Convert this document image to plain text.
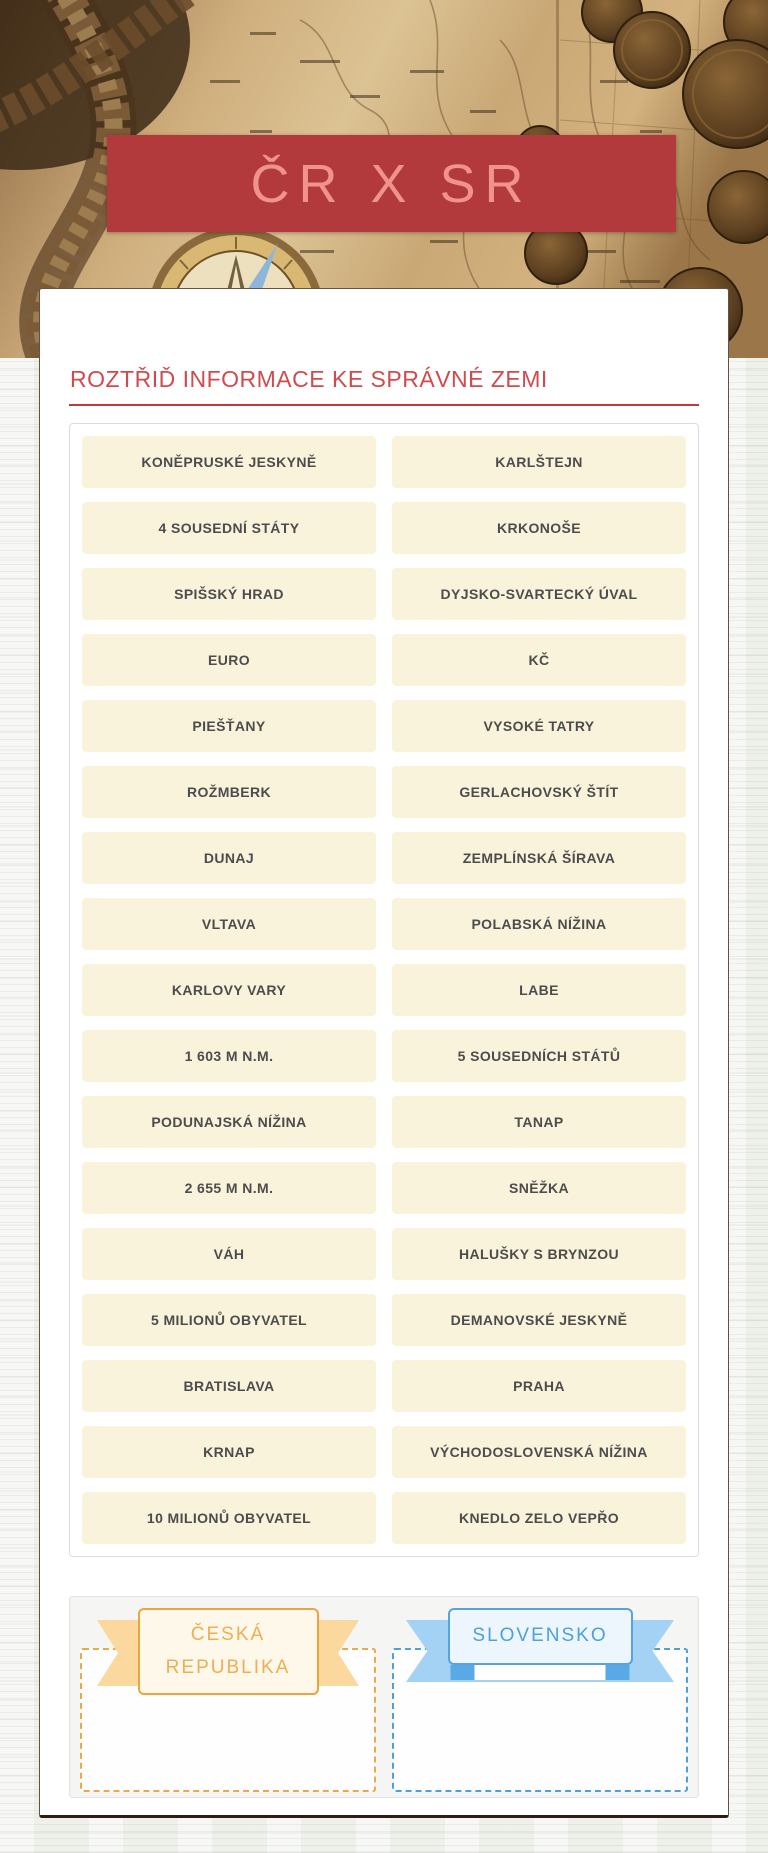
ČR X SR
ROZTŘIĎ INFORMACE KE SPRÁVNÉ ZEMI
KONĚPRUSKÉ JESKYNĚ	KARLŠTEJN
4 SOUSEDNÍ STÁTY	KRKONOŠE
SPIŠSKÝ HRAD	DYJSKO-SVARTECKÝ ÚVAL
EURO	KČ
PIEŠŤANY	VYSOKÉ TATRY
ROŽMBERK	GERLACHOVSKÝ ŠTÍT
DUNAJ	ZEMPLÍNSKÁ ŠÍRAVA
VLTAVA	POLABSKÁ NÍŽINA
KARLOVY VARY	LABE
1 603 M N.M.	5 SOUSEDNÍCH STÁTŮ
PODUNAJSKÁ NÍŽINA	TANAP
2 655 M N.M.	SNĚŽKA
VÁH	HALUŠKY S BRYNZOU
5 MILIONŮ OBYVATEL	DEMANOVSKÉ JESKYNĚ
BRATISLAVA	PRAHA
KRNAP	VÝCHODOSLOVENSKÁ NÍŽINA
10 MILIONŮ OBYVATEL	KNEDLO ZELO VEPŘO
ČESKÁ
REPUBLIKA
SLOVENSKO
